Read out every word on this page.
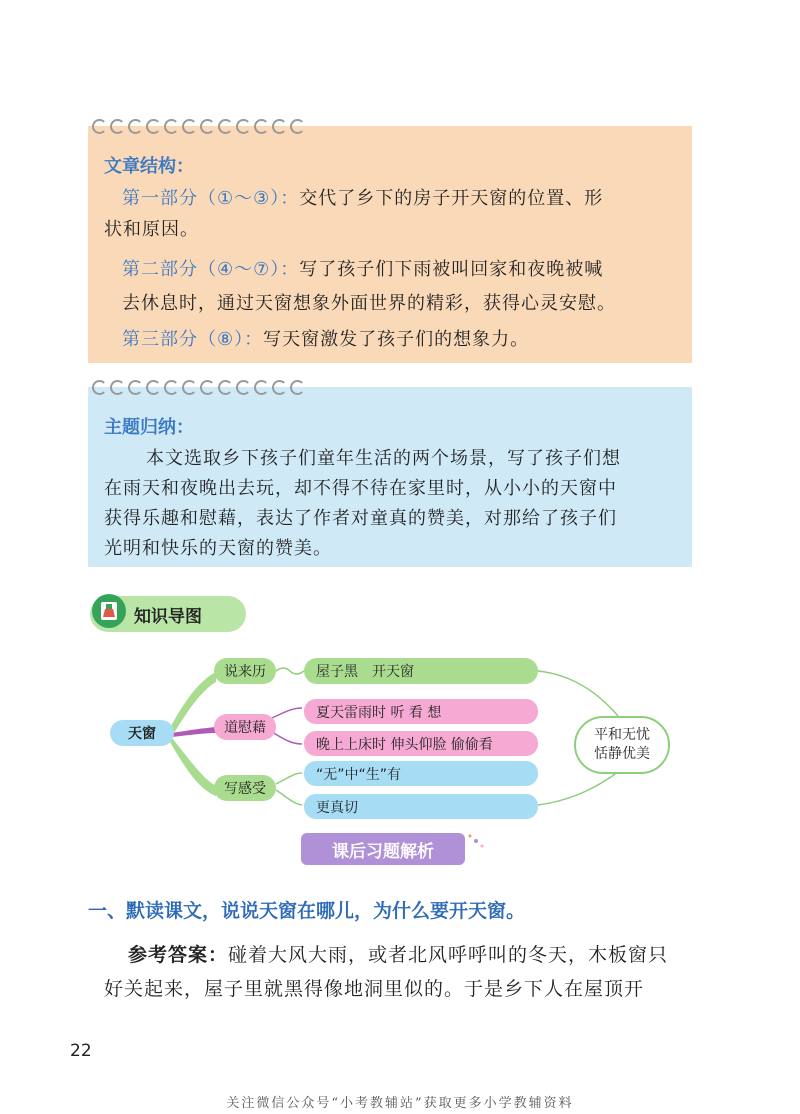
文章结构：
第一部分（①～③）：交代了乡下的房子开天窗的位置、形
状和原因。
第二部分（④～⑦）：写了孩子们下雨被叫回家和夜晚被喊
去休息时，通过天窗想象外面世界的精彩，获得心灵安慰。
第三部分（⑧）：写天窗激发了孩子们的想象力。
主题归纳：
本文选取乡下孩子们童年生活的两个场景，写了孩子们想
在雨天和夜晚出去玩，却不得不待在家里时，从小小的天窗中
获得乐趣和慰藉，表达了作者对童真的赞美，对那给了孩子们
光明和快乐的天窗的赞美。
知识导图
天窗
说来历
道慰藉
写感受
屋子黑　开天窗
夏天雷雨时 听 看 想
晚上上床时 伸头仰脸 偷偷看
“无”中“生”有
更真切
平和无忧
恬静优美
课后习题解析
一、默读课文，说说天窗在哪儿，为什么要开天窗。
参考答案：碰着大风大雨，或者北风呼呼叫的冬天，木板窗只
好关起来，屋子里就黑得像地洞里似的。于是乡下人在屋顶开
22
关注微信公众号“小考教辅站”获取更多小学教辅资料
